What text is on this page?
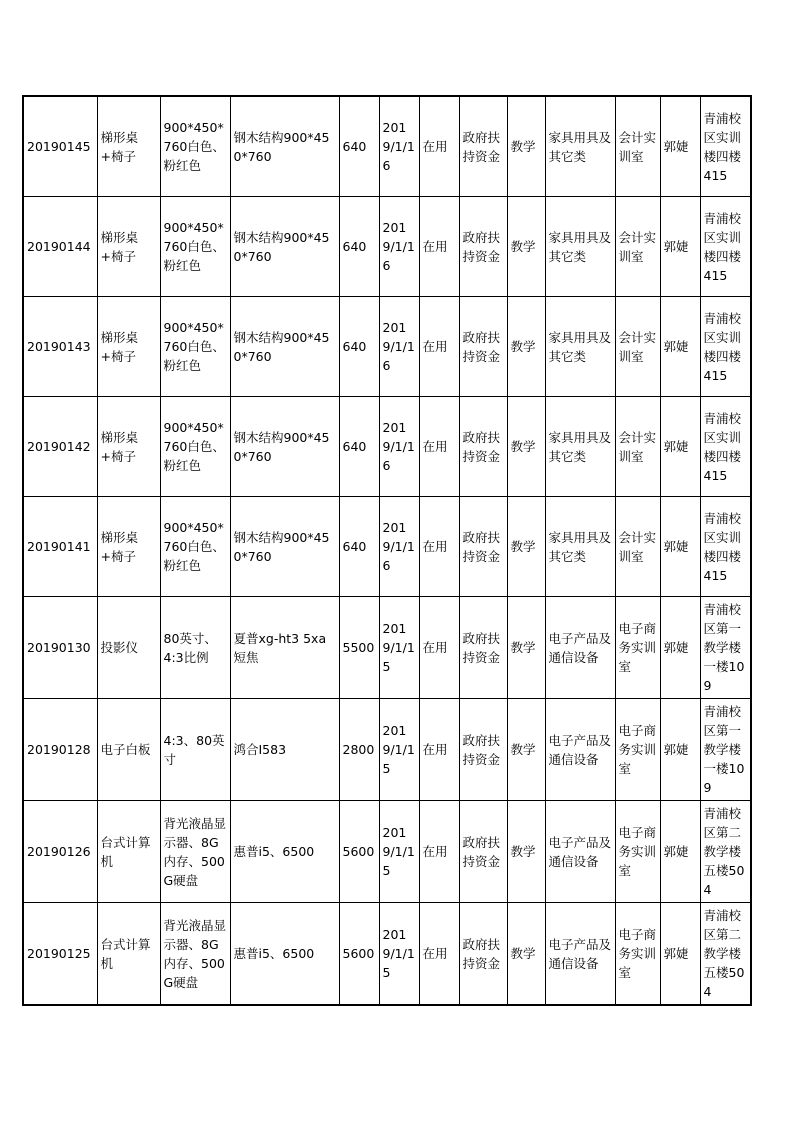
20190145	梯形桌+椅子	900*450*760白色、粉红色	钢木结构900*450*760	640	2019/1/16	在用	政府扶持资金	教学	家具用具及其它类	会计实训室	郭婕	青浦校区实训楼四楼415
20190144	梯形桌+椅子	900*450*760白色、粉红色	钢木结构900*450*760	640	2019/1/16	在用	政府扶持资金	教学	家具用具及其它类	会计实训室	郭婕	青浦校区实训楼四楼415
20190143	梯形桌+椅子	900*450*760白色、粉红色	钢木结构900*450*760	640	2019/1/16	在用	政府扶持资金	教学	家具用具及其它类	会计实训室	郭婕	青浦校区实训楼四楼415
20190142	梯形桌+椅子	900*450*760白色、粉红色	钢木结构900*450*760	640	2019/1/16	在用	政府扶持资金	教学	家具用具及其它类	会计实训室	郭婕	青浦校区实训楼四楼415
20190141	梯形桌+椅子	900*450*760白色、粉红色	钢木结构900*450*760	640	2019/1/16	在用	政府扶持资金	教学	家具用具及其它类	会计实训室	郭婕	青浦校区实训楼四楼415
20190130	投影仪	80英寸、4:3比例	夏普xg-ht3 5xa短焦	5500	2019/1/15	在用	政府扶持资金	教学	电子产品及通信设备	电子商务实训室	郭婕	青浦校区第一教学楼一楼109
20190128	电子白板	4:3、80英寸	鸿合I583	2800	2019/1/15	在用	政府扶持资金	教学	电子产品及通信设备	电子商务实训室	郭婕	青浦校区第一教学楼一楼109
20190126	台式计算机	背光液晶显示器、8G内存、500G硬盘	惠普i5、6500	5600	2019/1/15	在用	政府扶持资金	教学	电子产品及通信设备	电子商务实训室	郭婕	青浦校区第二教学楼五楼504
20190125	台式计算机	背光液晶显示器、8G内存、500G硬盘	惠普i5、6500	5600	2019/1/15	在用	政府扶持资金	教学	电子产品及通信设备	电子商务实训室	郭婕	青浦校区第二教学楼五楼504
